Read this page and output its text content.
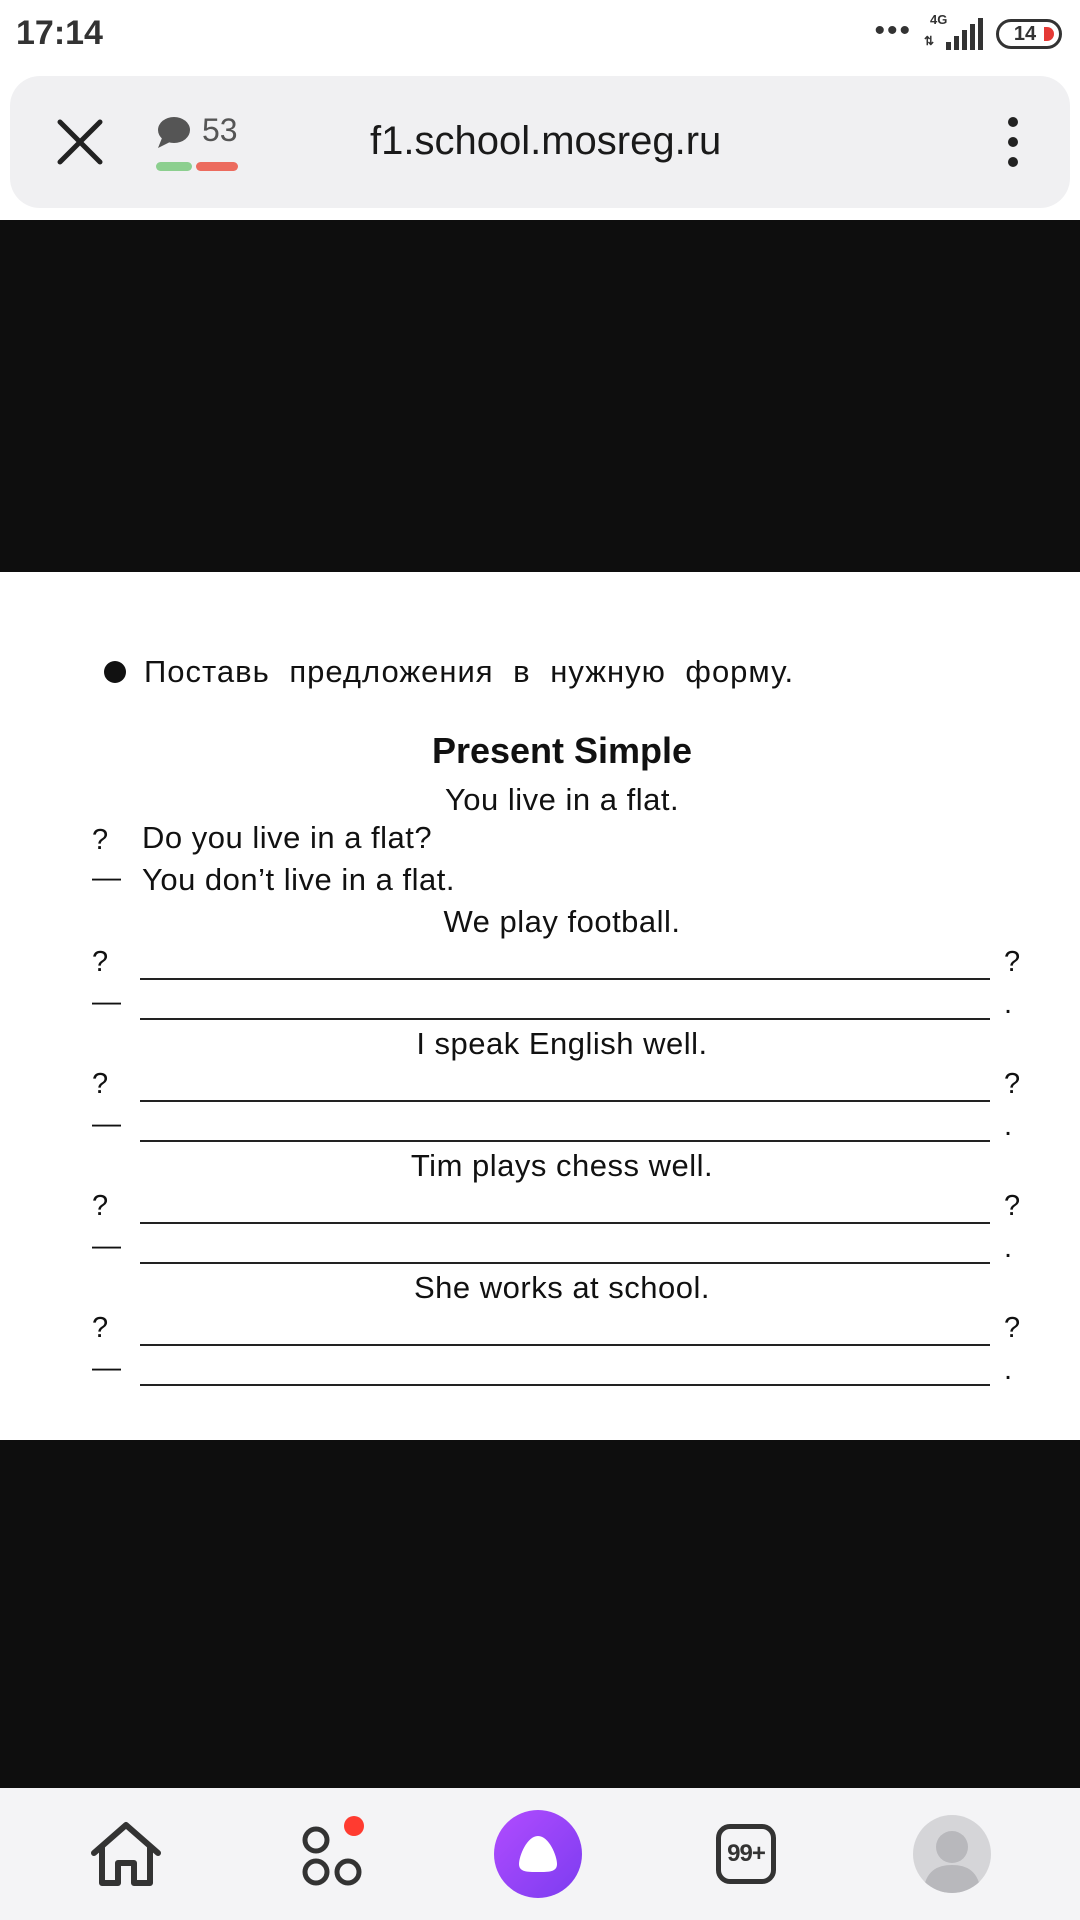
17:14	••• 4G
⇅	14
53	f1.school.mosreg.ru
Поставь предложения в нужную форму.
Present Simple
You live in a flat.
? Do you live in a flat?
— You don’t live in a flat.
We play football.
?	?
—	.
I speak English well.
?	?
—	.
Tim plays chess well.
?	?
—	.
She works at school.
?	?
—	.
99+
